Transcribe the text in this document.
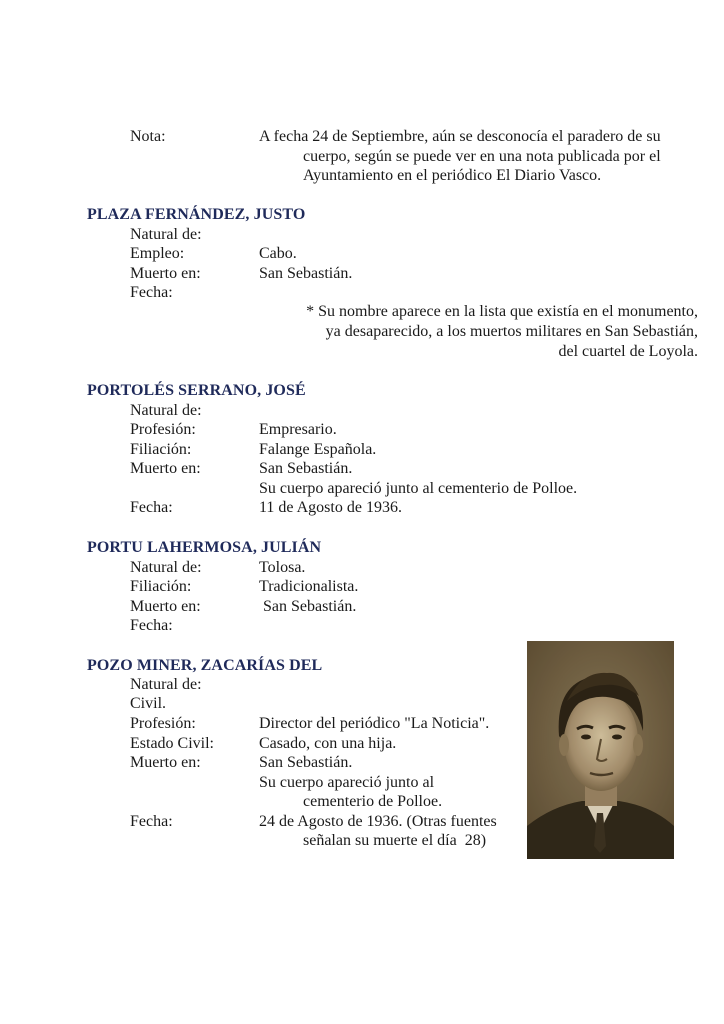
Nota:	A fecha 24 de Septiembre, aún se desconocía el paradero de su
cuerpo, según se puede ver en una nota publicada por el
Ayuntamiento en el periódico El Diario Vasco.
PLAZA FERNÁNDEZ, JUSTO
Natural de:
Empleo:	Cabo.
Muerto en:	San Sebastián.
Fecha:
* Su nombre aparece en la lista que existía en el monumento,
ya desaparecido, a los muertos militares en San Sebastián,
del cuartel de Loyola.
PORTOLÉS SERRANO, JOSÉ
Natural de:
Profesión:	Empresario.
Filiación:	Falange Española.
Muerto en:	San Sebastián.
Su cuerpo apareció junto al cementerio de Polloe.
Fecha:	11 de Agosto de 1936.
PORTU LAHERMOSA, JULIÁN
Natural de:	Tolosa.
Filiación:	Tradicionalista.
Muerto en:	San Sebastián.
Fecha:
POZO MINER, ZACARÍAS DEL
Natural de:
Civil.
Profesión:	Director del periódico "La Noticia".
Estado Civil:	Casado, con una hija.
Muerto en:	San Sebastián.
Su cuerpo apareció junto al
cementerio de Polloe.
Fecha:	24 de Agosto de 1936. (Otras fuentes
señalan su muerte el día  28)
